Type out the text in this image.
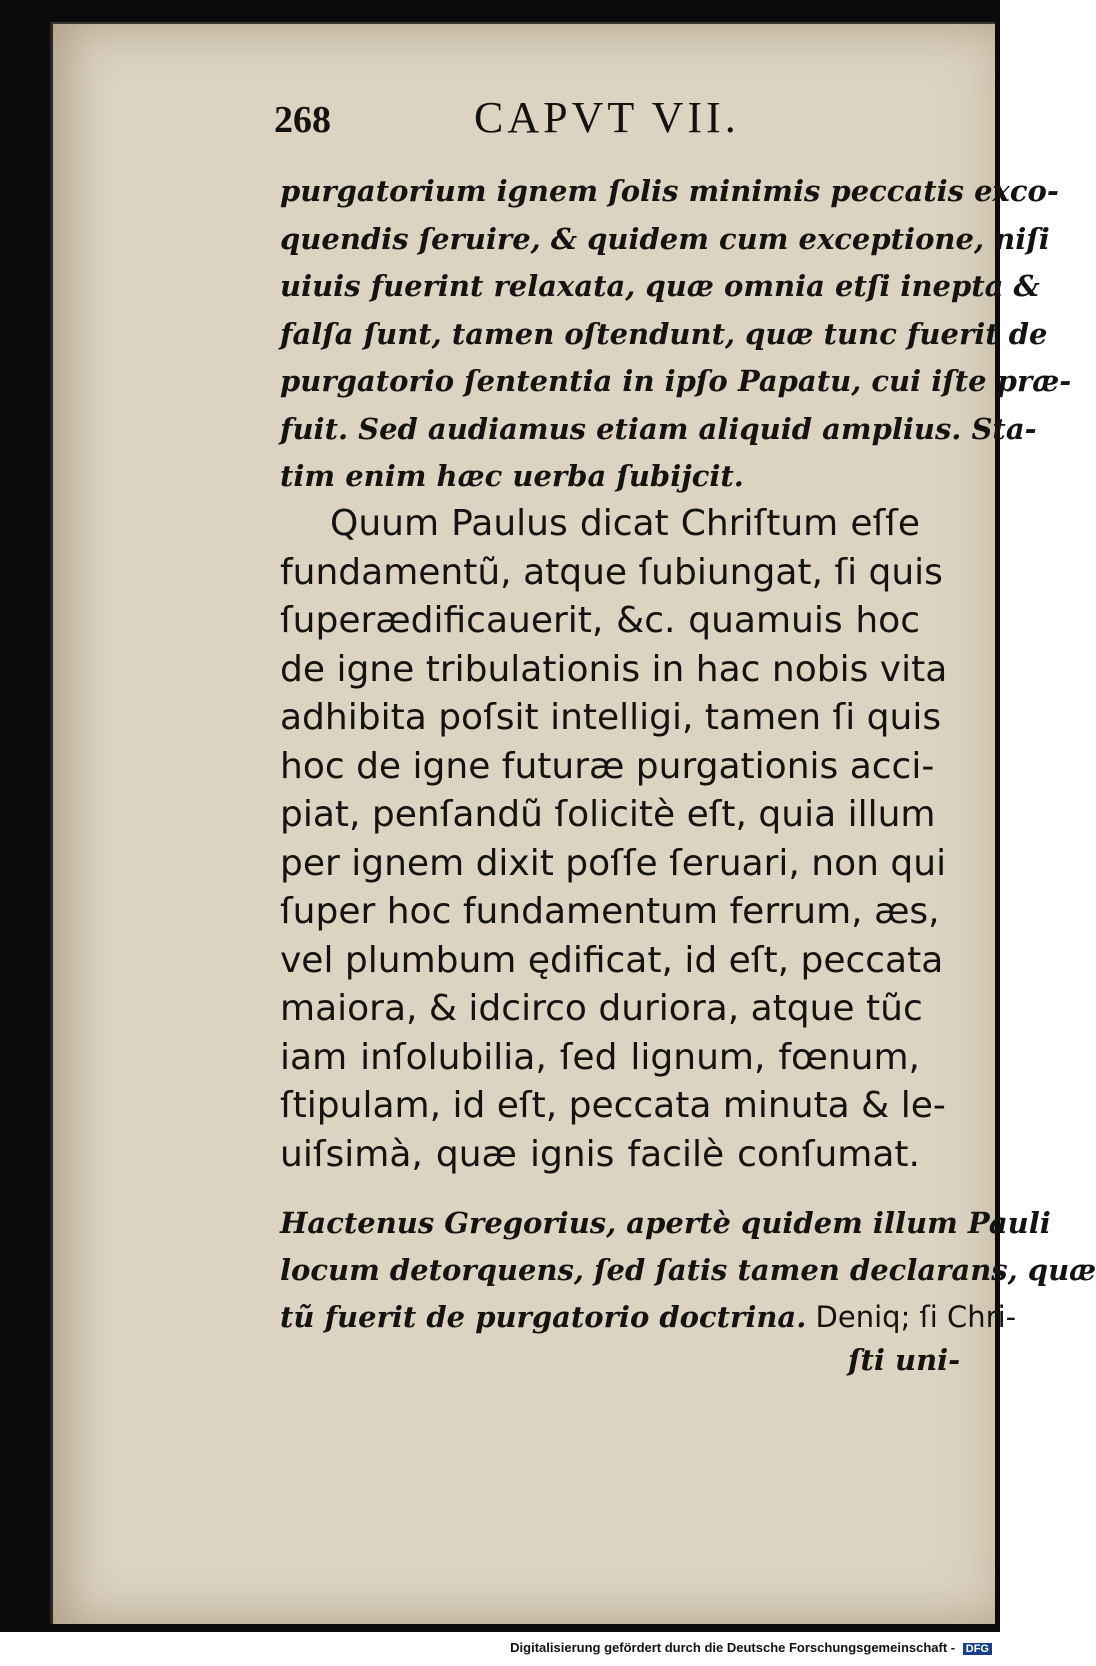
268	CAPVT VII.
purgatorium ignem ſolis minimis peccatis exco-
quendis ſeruire, & quidem cum exceptione, niſi
uiuis fuerint relaxata, quæ omnia etſi inepta &
falſa ſunt, tamen oſtendunt, quæ tunc fuerit de
purgatorio ſententia in ipſo Papatu, cui iſte præ-
fuit. Sed audiamus etiam aliquid amplius. Sta-
tim enim hæc uerba ſubijcit.
Quum Paulus dicat Chriſtum eſſe
fundamentũ, atque ſubiungat, ſi quis
ſuperædificauerit, &c. quamuis hoc
de igne tribulationis in hac nobis vita
adhibita poſsit intelligi, tamen ſi quis
hoc de igne futuræ purgationis acci-
piat, penſandũ ſolicitè eſt, quia illum
per ignem dixit poſſe ſeruari, non qui
ſuper hoc fundamentum ferrum, æs,
vel plumbum ędificat, id eſt, peccata
maiora, & idcirco duriora, atque tũc
iam inſolubilia, ſed lignum, fœnum,
ſtipulam, id eſt, peccata minuta & le-
uiſsimà, quæ ignis facilè conſumat.
Hactenus Gregorius, apertè quidem illum Pauli
locum detorquens, ſed ſatis tamen declarans, quæ
tũ fuerit de purgatorio doctrina. Deniq; ſi Chri-
ſti uni-
Digitalisierung gefördert durch die Deutsche Forschungsgemeinschaft - DFG
